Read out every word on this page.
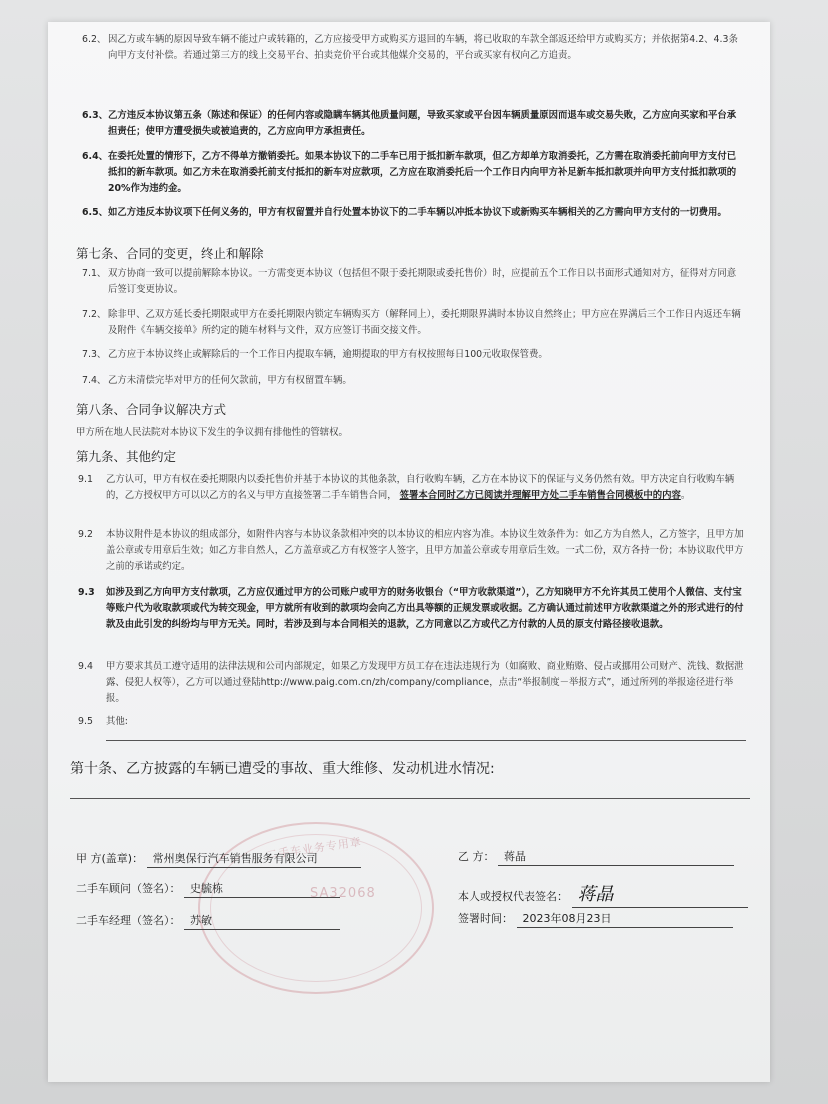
6.2、 因乙方或车辆的原因导致车辆不能过户或转籍的，乙方应接受甲方或购买方退回的车辆，将已收取的车款全部返还给甲方或购买方；并依据第4.2、4.3条向甲方支付补偿。若通过第三方的线上交易平台、拍卖竞价平台或其他媒介交易的，平台或买家有权向乙方追责。
6.3、 乙方违反本协议第五条（陈述和保证）的任何内容或隐瞒车辆其他质量问题，导致买家或平台因车辆质量原因而退车或交易失败，乙方应向买家和平台承担责任；使甲方遭受损失或被追责的，乙方应向甲方承担责任。
6.4、 在委托处置的情形下，乙方不得单方撤销委托。如果本协议下的二手车已用于抵扣新车款项，但乙方却单方取消委托，乙方需在取消委托前向甲方支付已抵扣的新车款项。如乙方未在取消委托前支付抵扣的新车对应款项，乙方应在取消委托后一个工作日内向甲方补足新车抵扣款项并向甲方支付抵扣款项的20%作为违约金。
6.5、 如乙方违反本协议项下任何义务的，甲方有权留置并自行处置本协议下的二手车辆以冲抵本协议下或新购买车辆相关的乙方需向甲方支付的一切费用。
第七条、合同的变更，终止和解除
7.1、 双方协商一致可以提前解除本协议。一方需变更本协议（包括但不限于委托期限或委托售价）时，应提前五个工作日以书面形式通知对方，征得对方同意后签订变更协议。
7.2、 除非甲、乙双方延长委托期限或甲方在委托期限内锁定车辆购买方（解释同上），委托期限界满时本协议自然终止；甲方应在界满后三个工作日内返还车辆及附件《车辆交接单》所约定的随车材料与文件，双方应签订书面交接文件。
7.3、 乙方应于本协议终止或解除后的一个工作日内提取车辆，逾期提取的甲方有权按照每日100元收取保管费。
7.4、 乙方未清偿完毕对甲方的任何欠款前，甲方有权留置车辆。
第八条、合同争议解决方式
甲方所在地人民法院对本协议下发生的争议拥有排他性的管辖权。
第九条、其他约定
9.1	乙方认可，甲方有权在委托期限内以委托售价并基于本协议的其他条款，自行收购车辆，乙方在本协议下的保证与义务仍然有效。甲方决定自行收购车辆的，乙方授权甲方可以以乙方的名义与甲方直接签署二手车销售合同， 签署本合同时乙方已阅读并理解甲方处二手车销售合同模板中的内容。
9.2	本协议附件是本协议的组成部分，如附件内容与本协议条款相冲突的以本协议的相应内容为准。本协议生效条件为：如乙方为自然人，乙方签字，且甲方加盖公章或专用章后生效；如乙方非自然人，乙方盖章或乙方有权签字人签字，且甲方加盖公章或专用章后生效。一式二份，双方各持一份；本协议取代甲方之前的承诺或约定。
9.3	如涉及到乙方向甲方支付款项，乙方应仅通过甲方的公司账户或甲方的财务收银台（“甲方收款渠道”），乙方知晓甲方不允许其员工使用个人微信、支付宝等账户代为收取款项或代为转交现金，甲方就所有收到的款项均会向乙方出具等额的正规发票或收据。乙方确认通过前述甲方收款渠道之外的形式进行的付款及由此引发的纠纷均与甲方无关。同时，若涉及到与本合同相关的退款，乙方同意以乙方或代乙方付款的人员的原支付路径接收退款。
9.4	甲方要求其员工遵守适用的法律法规和公司内部规定，如果乙方发现甲方员工存在违法违规行为（如腐败、商业贿赂、侵占或挪用公司财产、洗钱、数据泄露、侵犯人权等），乙方可以通过登陆http://www.paig.com.cn/zh/company/compliance，点击“举报制度－举报方式”，通过所列的举报途径进行举报。
9.5	其他:
第十条、乙方披露的车辆已遭受的事故、重大维修、发动机进水情况:
二手车业务专用章
SA32068
甲 方(盖章)： 常州奥保行汽车销售服务有限公司
二手车顾问（签名）： 史毓栋
二手车经理（签名）： 苏敏
乙 方： 蒋晶
本人或授权代表签名： 蒋晶
签署时间： 2023年08月23日
